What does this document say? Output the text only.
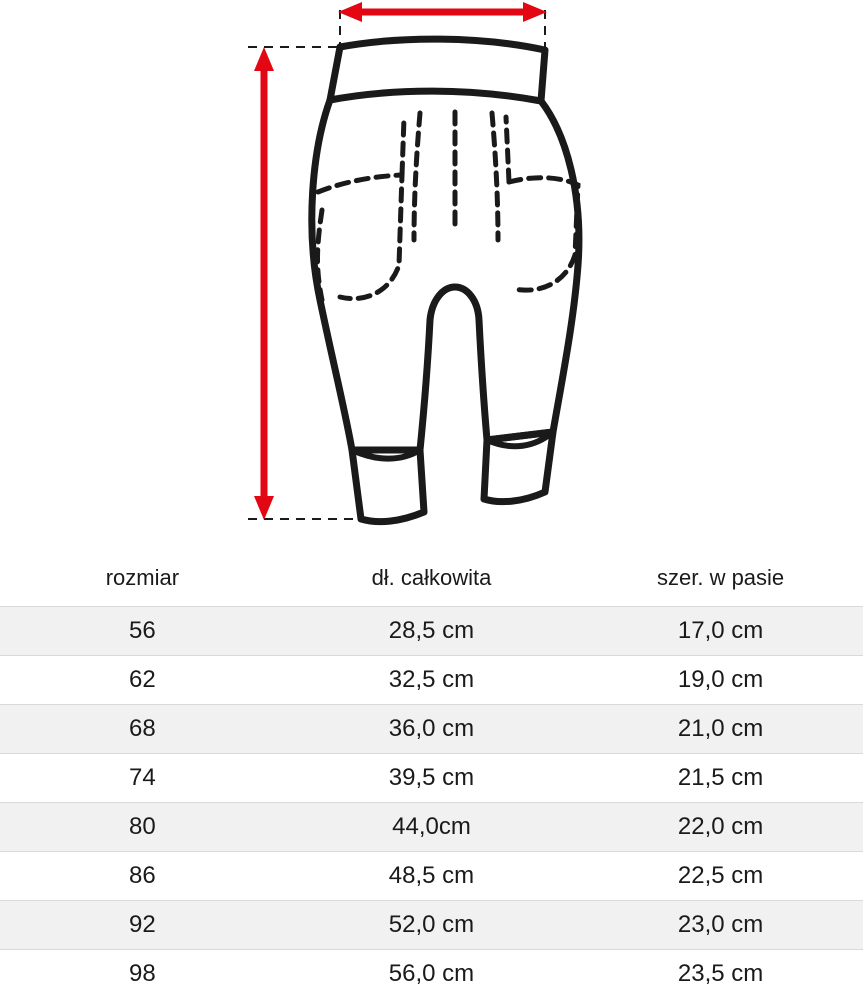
rozmiar	dł. całkowita	szer. w pasie

56	28,5 cm	17,0 cm

62	32,5 cm	19,0 cm

68	36,0 cm	21,0 cm

74	39,5 cm	21,5 cm

80	44,0cm	22,0 cm

86	48,5 cm	22,5 cm

92	52,0 cm	23,0 cm

98	56,0 cm	23,5 cm
